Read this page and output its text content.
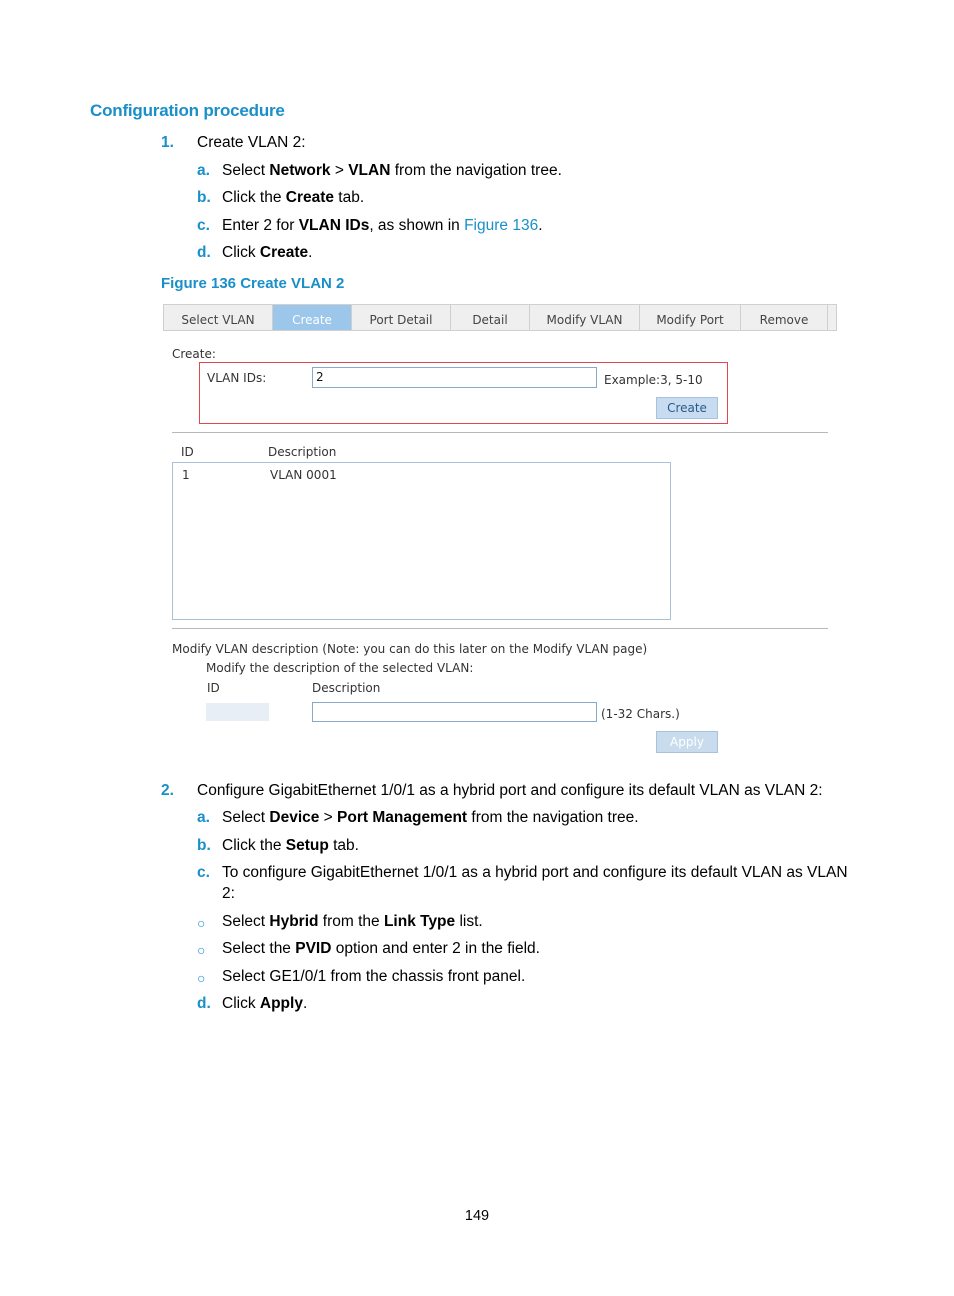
Configuration procedure
1. Create VLAN 2:
a. Select Network > VLAN from the navigation tree.
b. Click the Create tab.
c. Enter 2 for VLAN IDs, as shown in Figure 136.
d. Click Create.
Figure 136 Create VLAN 2
Select VLAN	Create	Port Detail	Detail	Modify VLAN	Modify Port	Remove
Create:
VLAN IDs:	2	Example:3, 5-10
Create
ID	Description
1	VLAN 0001
Modify VLAN description (Note: you can do this later on the Modify VLAN page)
Modify the description of the selected VLAN:
ID	Description
(1-32 Chars.)
Apply
2. Configure GigabitEthernet 1/0/1 as a hybrid port and configure its default VLAN as VLAN 2:
a. Select Device > Port Management from the navigation tree.
b. Click the Setup tab.
c. To configure GigabitEthernet 1/0/1 as a hybrid port and configure its default VLAN as VLAN
2:
○ Select Hybrid from the Link Type list.
○ Select the PVID option and enter 2 in the field.
○ Select GE1/0/1 from the chassis front panel.
d. Click Apply.
149
